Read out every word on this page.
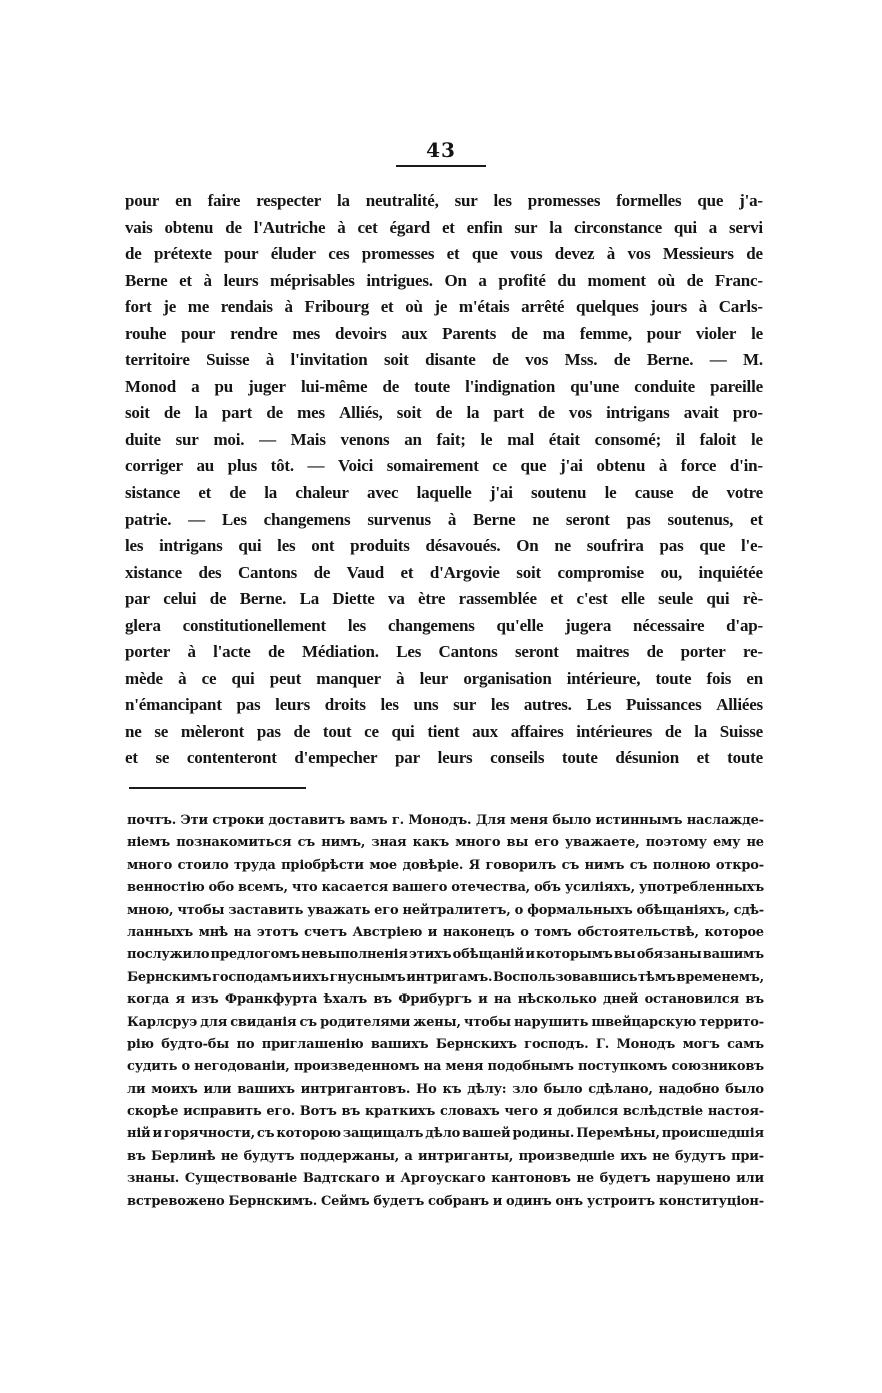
43
pour en faire respecter la neutralité, sur les promesses formelles que j'a-
vais obtenu de l'Autriche à cet égard et enfin sur la circonstance qui a servi
de prétexte pour éluder ces promesses et que vous devez à vos Messieurs de
Berne et à leurs méprisables intrigues. On a profité du moment où de Franc-
fort je me rendais à Fribourg et où je m'étais arrêté quelques jours à Carls-
rouhe pour rendre mes devoirs aux Parents de ma femme, pour violer le
territoire Suisse à l'invitation soit disante de vos Mss. de Berne. — M.
Monod a pu juger lui-même de toute l'indignation qu'une conduite pareille
soit de la part de mes Alliés, soit de la part de vos intrigans avait pro-
duite sur moi. — Mais venons an fait; le mal était consomé; il faloit le
corriger au plus tôt. — Voici somairement ce que j'ai obtenu à force d'in-
sistance et de la chaleur avec laquelle j'ai soutenu le cause de votre
patrie. — Les changemens survenus à Berne ne seront pas soutenus, et
les intrigans qui les ont produits désavoués. On ne soufrira pas que l'e-
xistance des Cantons de Vaud et d'Argovie soit compromise ou, inquiétée
par celui de Berne. La Diette va ètre rassemblée et c'est elle seule qui rè-
glera constitutionellement les changemens qu'elle jugera nécessaire d'ap-
porter à l'acte de Médiation. Les Cantons seront maitres de porter re-
mède à ce qui peut manquer à leur organisation intérieure, toute fois en
n'émancipant pas leurs droits les uns sur les autres. Les Puissances Alliées
ne se mèleront pas de tout ce qui tient aux affaires intérieures de la Suisse
et se contenteront d'empecher par leurs conseils toute désunion et toute
почтъ. Эти строки доставитъ вамъ г. Монодъ. Для меня было истиннымъ наслажде-
ніемъ познакомиться съ нимъ, зная какъ много вы его уважаете, поэтому ему не
много стоило труда пріобрѣсти мое довѣріе. Я говорилъ съ нимъ съ полною откро-
венностію обо всемъ, что касается вашего отечества, объ усиліяхъ, употребленныхъ
мною, чтобы заставить уважать его нейтралитетъ, о формальныхъ обѣщаніяхъ, сдѣ-
ланныхъ мнѣ на этотъ счетъ Австріею и наконецъ о томъ обстоятельствѣ, которое
послужило предлогомъ невыполненія этихъ обѣщаній и которымъ вы обязаны вашимъ
Бернскимъ господамъ и ихъ гнуснымъ интригамъ. Воспользовавшись тѣмъ временемъ,
когда я изъ Франкфурта ѣхалъ въ Фрибургъ и на нѣсколько дней остановился въ
Карлсруэ для свиданія съ родителями жены, чтобы нарушить швейцарскую террито-
рію будто-бы по приглашенію вашихъ Бернскихъ господъ. Г. Монодъ могъ самъ
судить о негодованіи, произведенномъ на меня подобнымъ поступкомъ союзниковъ
ли моихъ или вашихъ интригантовъ. Но къ дѣлу: зло было сдѣлано, надобно было
скорѣе исправить его. Вотъ въ краткихъ словахъ чего я добился вслѣдствіе настоя-
ній и горячности, съ которою защищалъ дѣло вашей родины. Перемѣны, происшедшія
въ Берлинѣ не будутъ поддержаны, а интриганты, произведшіе ихъ не будутъ при-
знаны. Существованіе Вадтскаго и Аргоускаго кантоновъ не будетъ нарушено или
встревожено Бернскимъ. Сеймъ будетъ собранъ и одинъ онъ устроитъ конституціон-
